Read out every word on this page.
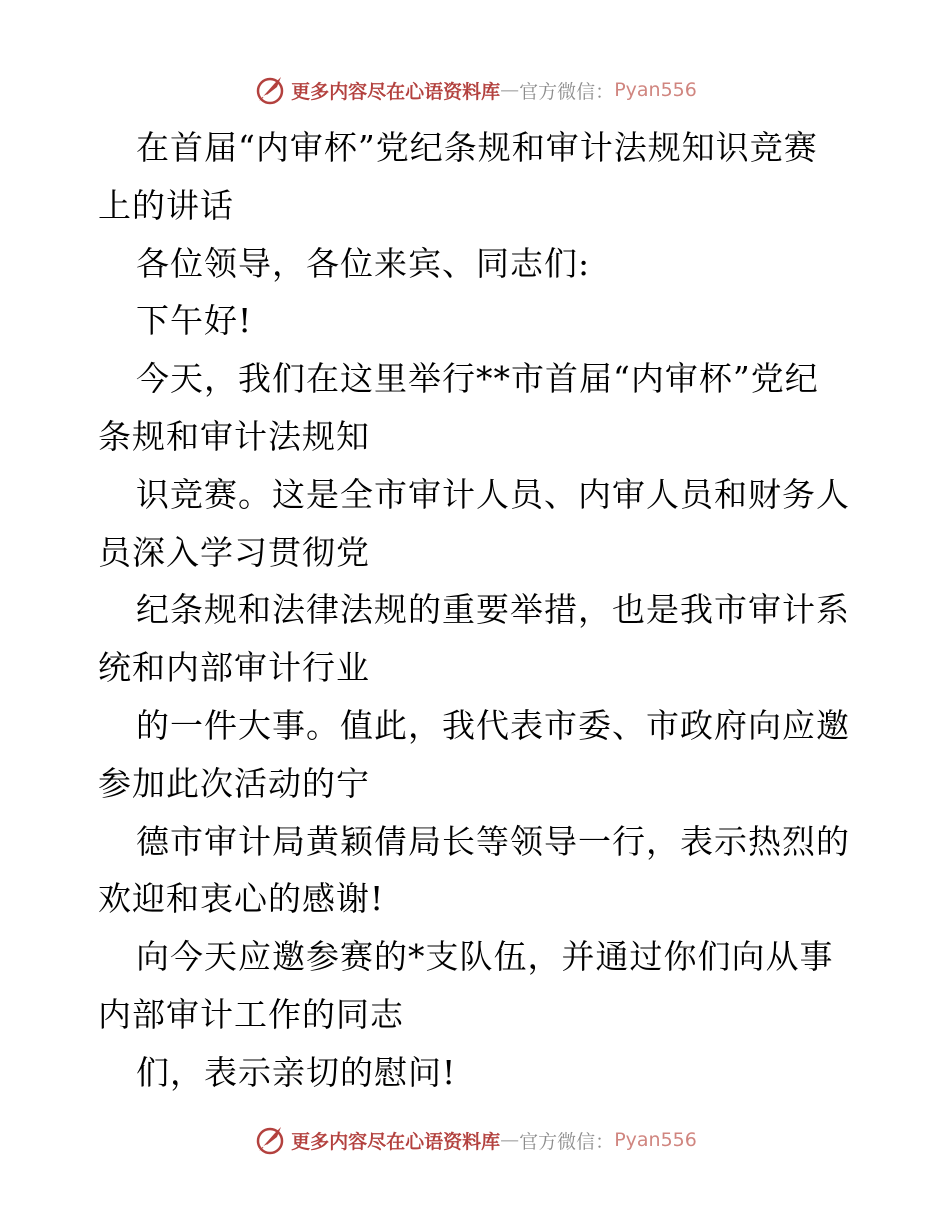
更多内容尽在心语资料库 — 官方微信： Pyan556
在首届“内审杯”党纪条规和审计法规知识竞赛
上的讲话
各位领导，各位来宾、同志们:
下午好!
今天，我们在这里举行**市首届“内审杯”党纪
条规和审计法规知
识竞赛。这是全市审计人员、内审人员和财务人
员深入学习贯彻党
纪条规和法律法规的重要举措，也是我市审计系
统和内部审计行业
的一件大事。值此，我代表市委、市政府向应邀
参加此次活动的宁
德市审计局黄颖倩局长等领导一行，表示热烈的
欢迎和衷心的感谢!
向今天应邀参赛的*支队伍，并通过你们向从事
内部审计工作的同志
们，表示亲切的慰问!
更多内容尽在心语资料库 — 官方微信： Pyan556
